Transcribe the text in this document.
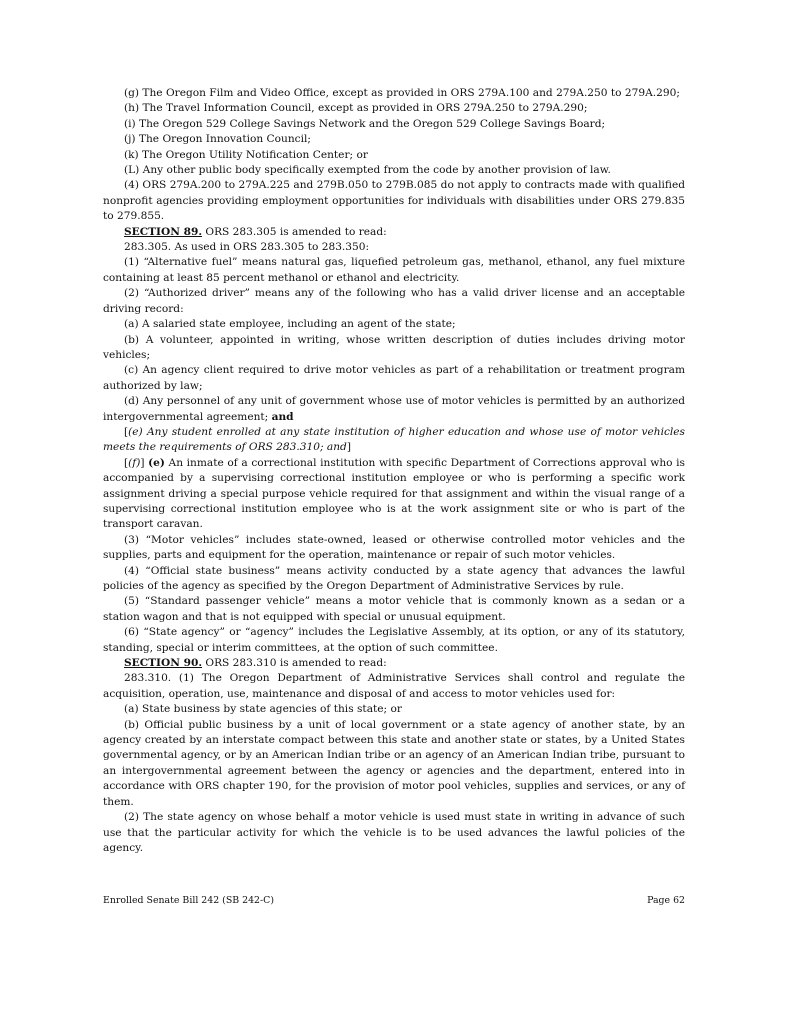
(g) The Oregon Film and Video Office, except as provided in ORS 279A.100 and 279A.250 to 279A.290;

(h) The Travel Information Council, except as provided in ORS 279A.250 to 279A.290;

(i) The Oregon 529 College Savings Network and the Oregon 529 College Savings Board;

(j) The Oregon Innovation Council;

(k) The Oregon Utility Notification Center; or

(L) Any other public body specifically exempted from the code by another provision of law.

(4) ORS 279A.200 to 279A.225 and 279B.050 to 279B.085 do not apply to contracts made with qualified nonprofit agencies providing employment opportunities for individuals with disabilities under ORS 279.835 to 279.855.

SECTION 89. ORS 283.305 is amended to read:

283.305. As used in ORS 283.305 to 283.350:

(1) “Alternative fuel” means natural gas, liquefied petroleum gas, methanol, ethanol, any fuel mixture containing at least 85 percent methanol or ethanol and electricity.

(2) “Authorized driver” means any of the following who has a valid driver license and an acceptable driving record:

(a) A salaried state employee, including an agent of the state;

(b) A volunteer, appointed in writing, whose written description of duties includes driving motor vehicles;

(c) An agency client required to drive motor vehicles as part of a rehabilitation or treatment program authorized by law;

(d) Any personnel of any unit of government whose use of motor vehicles is permitted by an authorized intergovernmental agreement; and

[(e) Any student enrolled at any state institution of higher education and whose use of motor vehicles meets the requirements of ORS 283.310; and]

[(f)] (e) An inmate of a correctional institution with specific Department of Corrections approval who is accompanied by a supervising correctional institution employee or who is performing a specific work assignment driving a special purpose vehicle required for that assignment and within the visual range of a supervising correctional institution employee who is at the work assignment site or who is part of the transport caravan.

(3) “Motor vehicles” includes state-owned, leased or otherwise controlled motor vehicles and the supplies, parts and equipment for the operation, maintenance or repair of such motor vehicles.

(4) “Official state business” means activity conducted by a state agency that advances the lawful policies of the agency as specified by the Oregon Department of Administrative Services by rule.

(5) “Standard passenger vehicle” means a motor vehicle that is commonly known as a sedan or a station wagon and that is not equipped with special or unusual equipment.

(6) “State agency” or “agency” includes the Legislative Assembly, at its option, or any of its statutory, standing, special or interim committees, at the option of such committee.

SECTION 90. ORS 283.310 is amended to read:

283.310. (1) The Oregon Department of Administrative Services shall control and regulate the acquisition, operation, use, maintenance and disposal of and access to motor vehicles used for:

(a) State business by state agencies of this state; or

(b) Official public business by a unit of local government or a state agency of another state, by an agency created by an interstate compact between this state and another state or states, by a United States governmental agency, or by an American Indian tribe or an agency of an American Indian tribe, pursuant to an intergovernmental agreement between the agency or agencies and the department, entered into in accordance with ORS chapter 190, for the provision of motor pool vehicles, supplies and services, or any of them.

(2) The state agency on whose behalf a motor vehicle is used must state in writing in advance of such use that the particular activity for which the vehicle is to be used advances the lawful policies of the agency.

Enrolled Senate Bill 242 (SB 242-C)	Page 62
